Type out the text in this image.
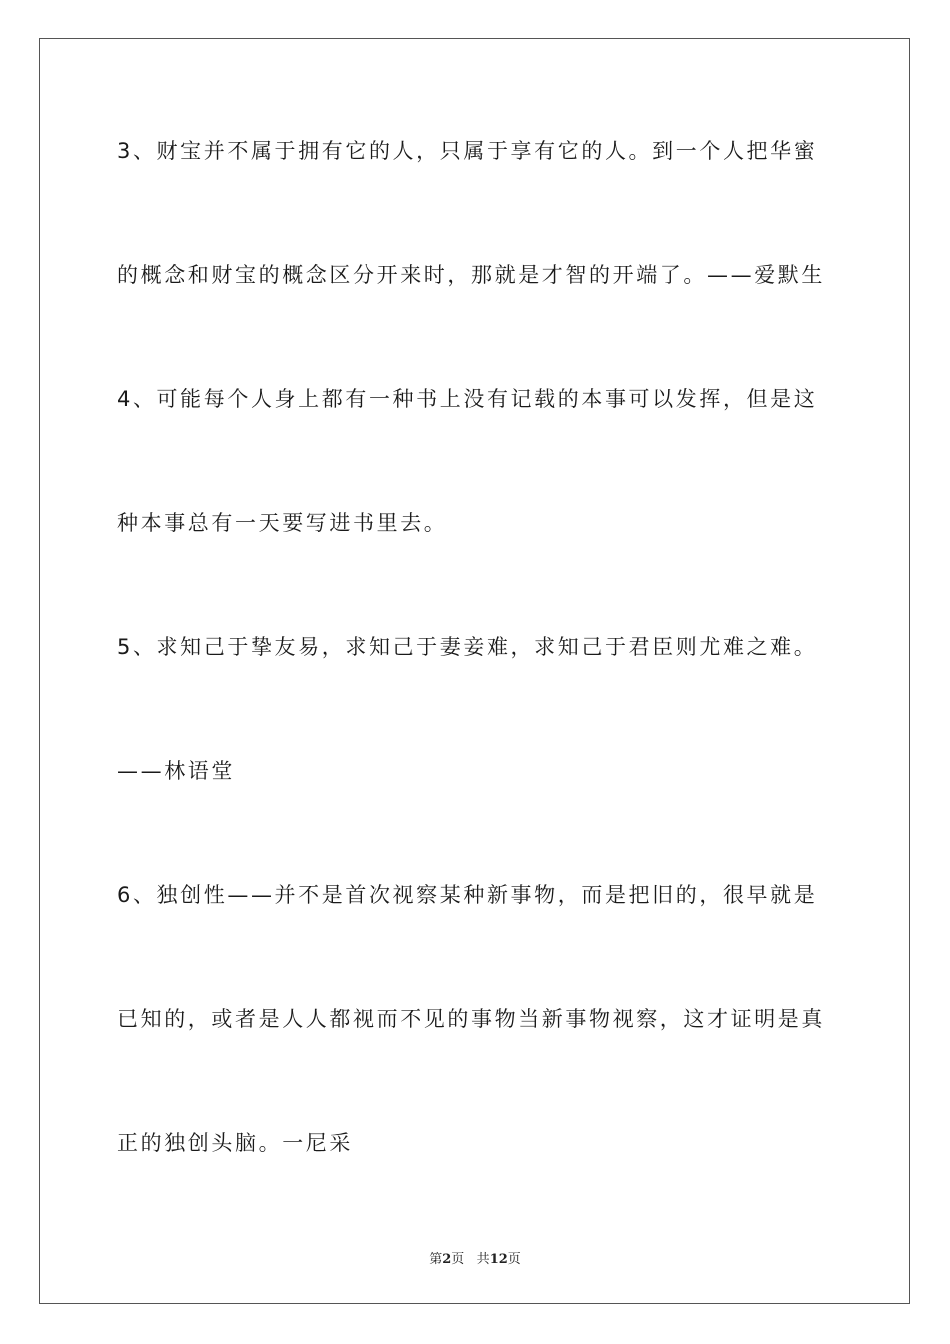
3、财宝并不属于拥有它的人，只属于享有它的人。到一个人把华蜜
的概念和财宝的概念区分开来时，那就是才智的开端了。——爱默生
4、可能每个人身上都有一种书上没有记载的本事可以发挥，但是这
种本事总有一天要写进书里去。
5、求知己于挚友易，求知己于妻妾难，求知己于君臣则尤难之难。
——林语堂
6、独创性——并不是首次视察某种新事物，而是把旧的，很早就是
已知的，或者是人人都视而不见的事物当新事物视察，这才证明是真
正的独创头脑。一尼采
第2页 共12页
